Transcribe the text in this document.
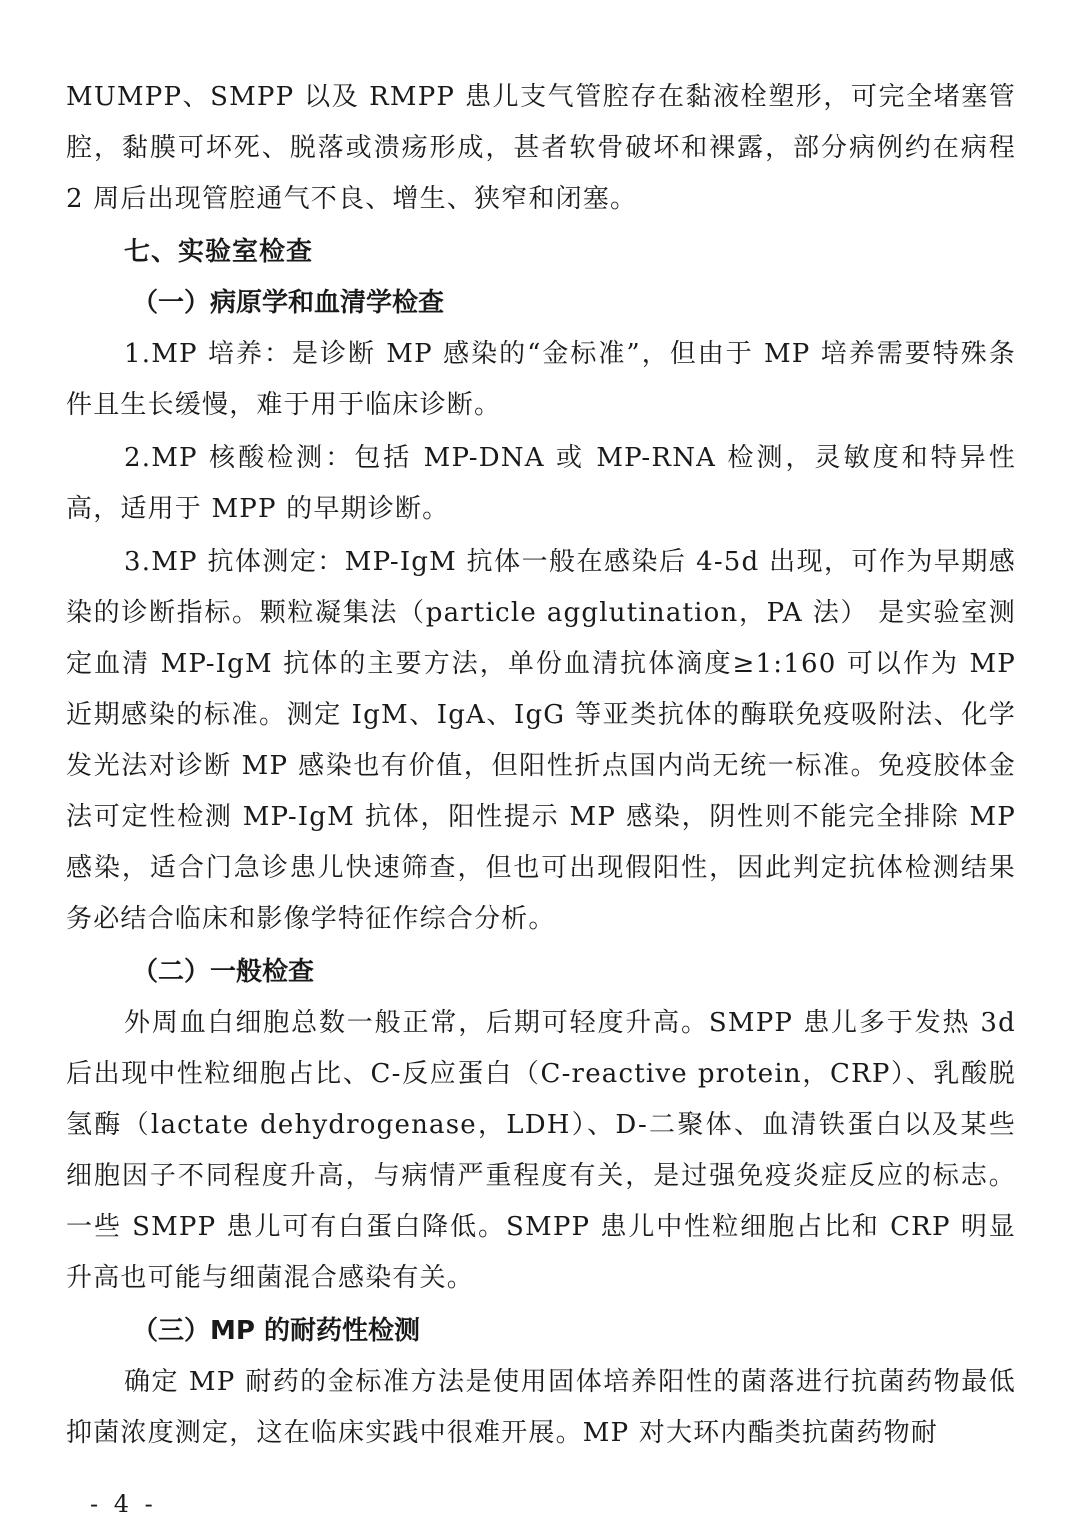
MUMPP、SMPP 以及 RMPP 患儿支气管腔存在黏液栓塑形，可完全堵塞管腔，黏膜可坏死、脱落或溃疡形成，甚者软骨破坏和裸露，部分病例约在病程 2 周后出现管腔通气不良、增生、狭窄和闭塞。

七、实验室检查
（一）病原学和血清学检查

1.MP 培养：是诊断 MP 感染的“金标准”，但由于 MP 培养需要特殊条件且生长缓慢，难于用于临床诊断。

2.MP 核酸检测：包括 MP-DNA 或 MP-RNA 检测，灵敏度和特异性高，适用于 MPP 的早期诊断。

3.MP 抗体测定：MP-IgM 抗体一般在感染后 4-5d 出现，可作为早期感染的诊断指标。颗粒凝集法（particle agglutination，PA 法） 是实验室测定血清 MP-IgM 抗体的主要方法，单份血清抗体滴度≥1:160 可以作为 MP 近期感染的标准。测定 IgM、IgA、IgG 等亚类抗体的酶联免疫吸附法、化学发光法对诊断 MP 感染也有价值，但阳性折点国内尚无统一标准。免疫胶体金法可定性检测 MP-IgM 抗体，阳性提示 MP 感染，阴性则不能完全排除 MP 感染，适合门急诊患儿快速筛查，但也可出现假阳性，因此判定抗体检测结果务必结合临床和影像学特征作综合分析。

（二）一般检查

外周血白细胞总数一般正常，后期可轻度升高。SMPP 患儿多于发热 3d 后出现中性粒细胞占比、C-反应蛋白（C-reactive protein，CRP）、乳酸脱氢酶（lactate dehydrogenase，LDH）、D-二聚体、血清铁蛋白以及某些细胞因子不同程度升高，与病情严重程度有关，是过强免疫炎症反应的标志。一些 SMPP 患儿可有白蛋白降低。SMPP 患儿中性粒细胞占比和 CRP 明显升高也可能与细菌混合感染有关。

（三）MP 的耐药性检测

确定 MP 耐药的金标准方法是使用固体培养阳性的菌落进行抗菌药物最低抑菌浓度测定，这在临床实践中很难开展。MP 对大环内酯类抗菌药物耐

- 4 -
